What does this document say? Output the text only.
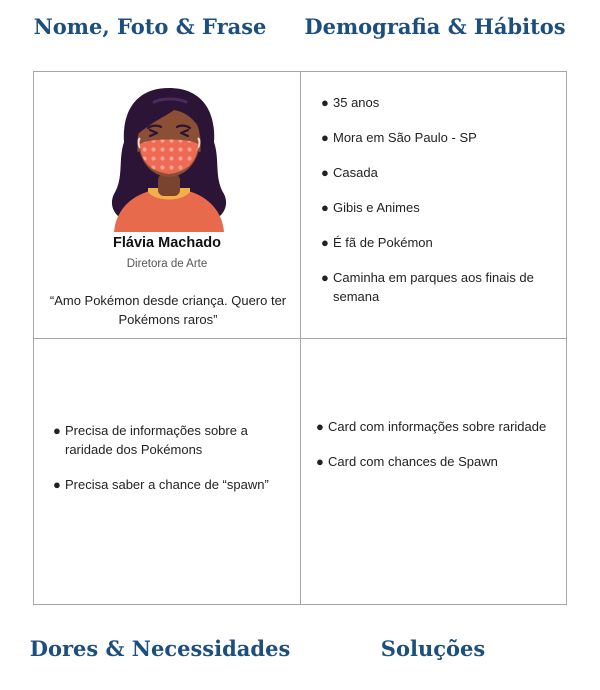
Nome, Foto & Frase	Demografia & Hábitos
Flávia Machado
Diretora de Arte
“Amo Pokémon desde criança. Quero ter Pokémons raros”
● 35 anos
● Mora em São Paulo - SP
● Casada
● Gibis e Animes
● É fã de Pokémon
● Caminha em parques aos finais de semana
● Precisa de informações sobre a raridade dos Pokémons
● Precisa saber a chance de “spawn”
● Card com informações sobre raridade
● Card com chances de Spawn
Dores & Necessidades	Soluções
